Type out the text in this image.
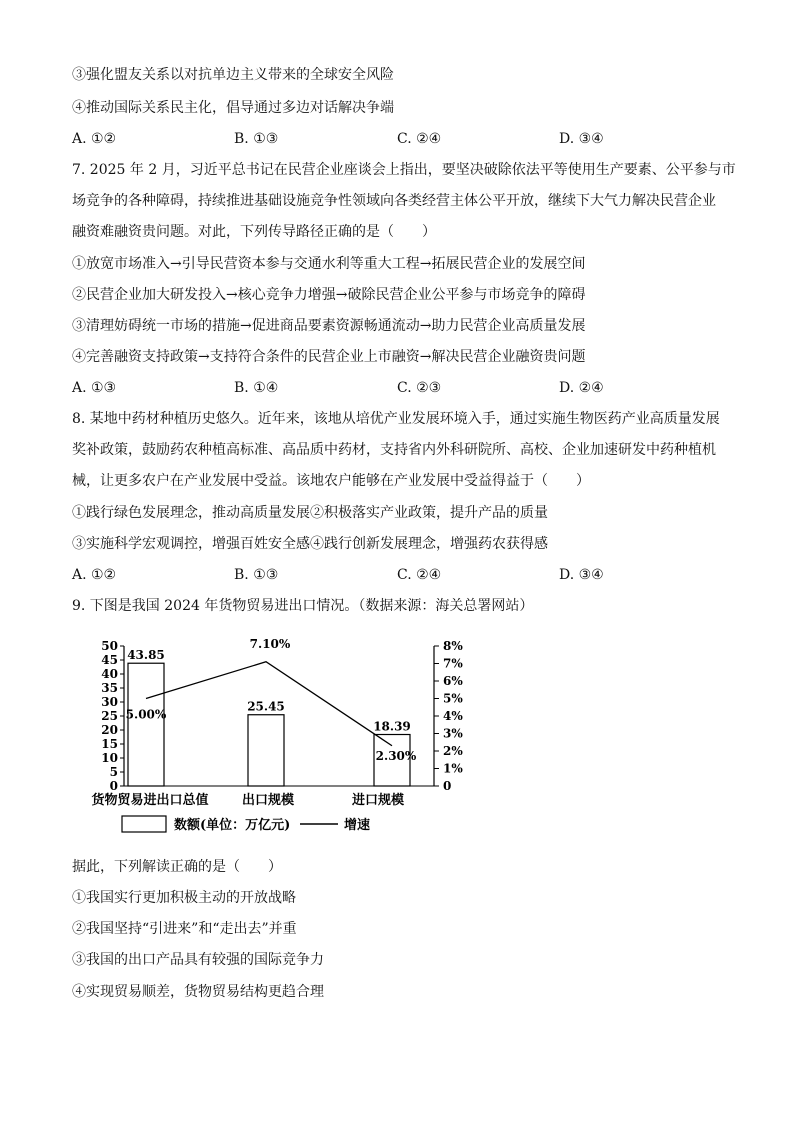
③强化盟友关系以对抗单边主义带来的全球安全风险
④推动国际关系民主化，倡导通过多边对话解决争端
A. ①②	B. ①③	C. ②④	D. ③④
7. 2025 年 2 月，习近平总书记在民营企业座谈会上指出，要坚决破除依法平等使用生产要素、公平参与市
场竞争的各种障碍，持续推进基础设施竞争性领域向各类经营主体公平开放，继续下大气力解决民营企业
融资难融资贵问题。对此，下列传导路径正确的是（　　）
①放宽市场准入→引导民营资本参与交通水利等重大工程→拓展民营企业的发展空间
②民营企业加大研发投入→核心竞争力增强→破除民营企业公平参与市场竞争的障碍
③清理妨碍统一市场的措施→促进商品要素资源畅通流动→助力民营企业高质量发展
④完善融资支持政策→支持符合条件的民营企业上市融资→解决民营企业融资贵问题
A. ①③	B. ①④	C. ②③	D. ②④
8. 某地中药材种植历史悠久。近年来，该地从培优产业发展环境入手，通过实施生物医药产业高质量发展
奖补政策，鼓励药农种植高标准、高品质中药材，支持省内外科研院所、高校、企业加速研发中药种植机
械，让更多农户在产业发展中受益。该地农户能够在产业发展中受益得益于（　　）
①践行绿色发展理念，推动高质量发展②积极落实产业政策，提升产品的质量
③实施科学宏观调控，增强百姓安全感④践行创新发展理念，增强药农获得感
A. ①②	B. ①③	C. ②④	D. ③④
9. 下图是我国 2024 年货物贸易进出口情况。（数据来源：海关总署网站）
0
5
10
15
20
25
30
35
40
45
50
0
1%
2%
3%
4%
5%
6%
7%
8%
43.85
25.45
18.39
5.00%
7.10%
2.30%
货物贸易进出口总值	出口规模	进口规模
数额(单位：万亿元)	增速
据此，下列解读正确的是（　　）
①我国实行更加积极主动的开放战略
②我国坚持“引进来”和“走出去”并重
③我国的出口产品具有较强的国际竞争力
④实现贸易顺差，货物贸易结构更趋合理
